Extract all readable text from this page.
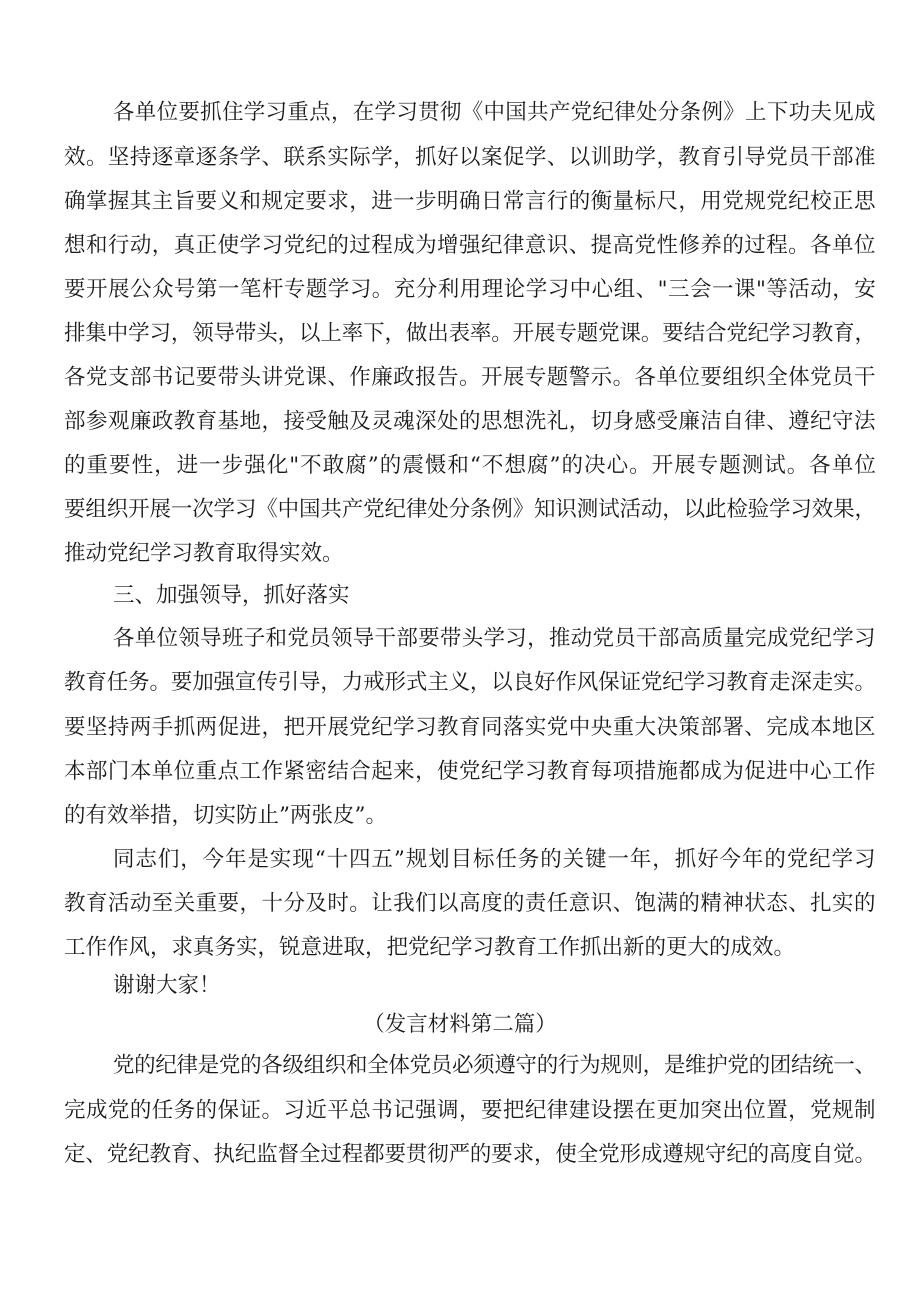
各单位要抓住学习重点，在学习贯彻《中国共产党纪律处分条例》上下功夫见成
效。坚持逐章逐条学、联系实际学，抓好以案促学、以训助学，教育引导党员干部准
确掌握其主旨要义和规定要求，进一步明确日常言行的衡量标尺，用党规党纪校正思
想和行动，真正使学习党纪的过程成为增强纪律意识、提高党性修养的过程。各单位
要开展公众号第一笔杆专题学习。充分利用理论学习中心组、"三会一课"等活动，安
排集中学习，领导带头，以上率下，做出表率。开展专题党课。要结合党纪学习教育，
各党支部书记要带头讲党课、作廉政报告。开展专题警示。各单位要组织全体党员干
部参观廉政教育基地，接受触及灵魂深处的思想洗礼，切身感受廉洁自律、遵纪守法
的重要性，进一步强化"不敢腐”的震慑和“不想腐”的决心。开展专题测试。各单位
要组织开展一次学习《中国共产党纪律处分条例》知识测试活动，以此检验学习效果，
推动党纪学习教育取得实效。
三、加强领导，抓好落实
各单位领导班子和党员领导干部要带头学习，推动党员干部高质量完成党纪学习
教育任务。要加强宣传引导，力戒形式主义，以良好作风保证党纪学习教育走深走实。
要坚持两手抓两促进，把开展党纪学习教育同落实党中央重大决策部署、完成本地区
本部门本单位重点工作紧密结合起来，使党纪学习教育每项措施都成为促进中心工作
的有效举措，切实防止”两张皮”。
同志们，今年是实现“十四五”规划目标任务的关键一年，抓好今年的党纪学习
教育活动至关重要，十分及时。让我们以高度的责任意识、饱满的精神状态、扎实的
工作作风，求真务实，锐意进取，把党纪学习教育工作抓出新的更大的成效。
谢谢大家！
（发言材料第二篇）
党的纪律是党的各级组织和全体党员必须遵守的行为规则，是维护党的团结统一、
完成党的任务的保证。习近平总书记强调，要把纪律建设摆在更加突出位置，党规制
定、党纪教育、执纪监督全过程都要贯彻严的要求，使全党形成遵规守纪的高度自觉。
